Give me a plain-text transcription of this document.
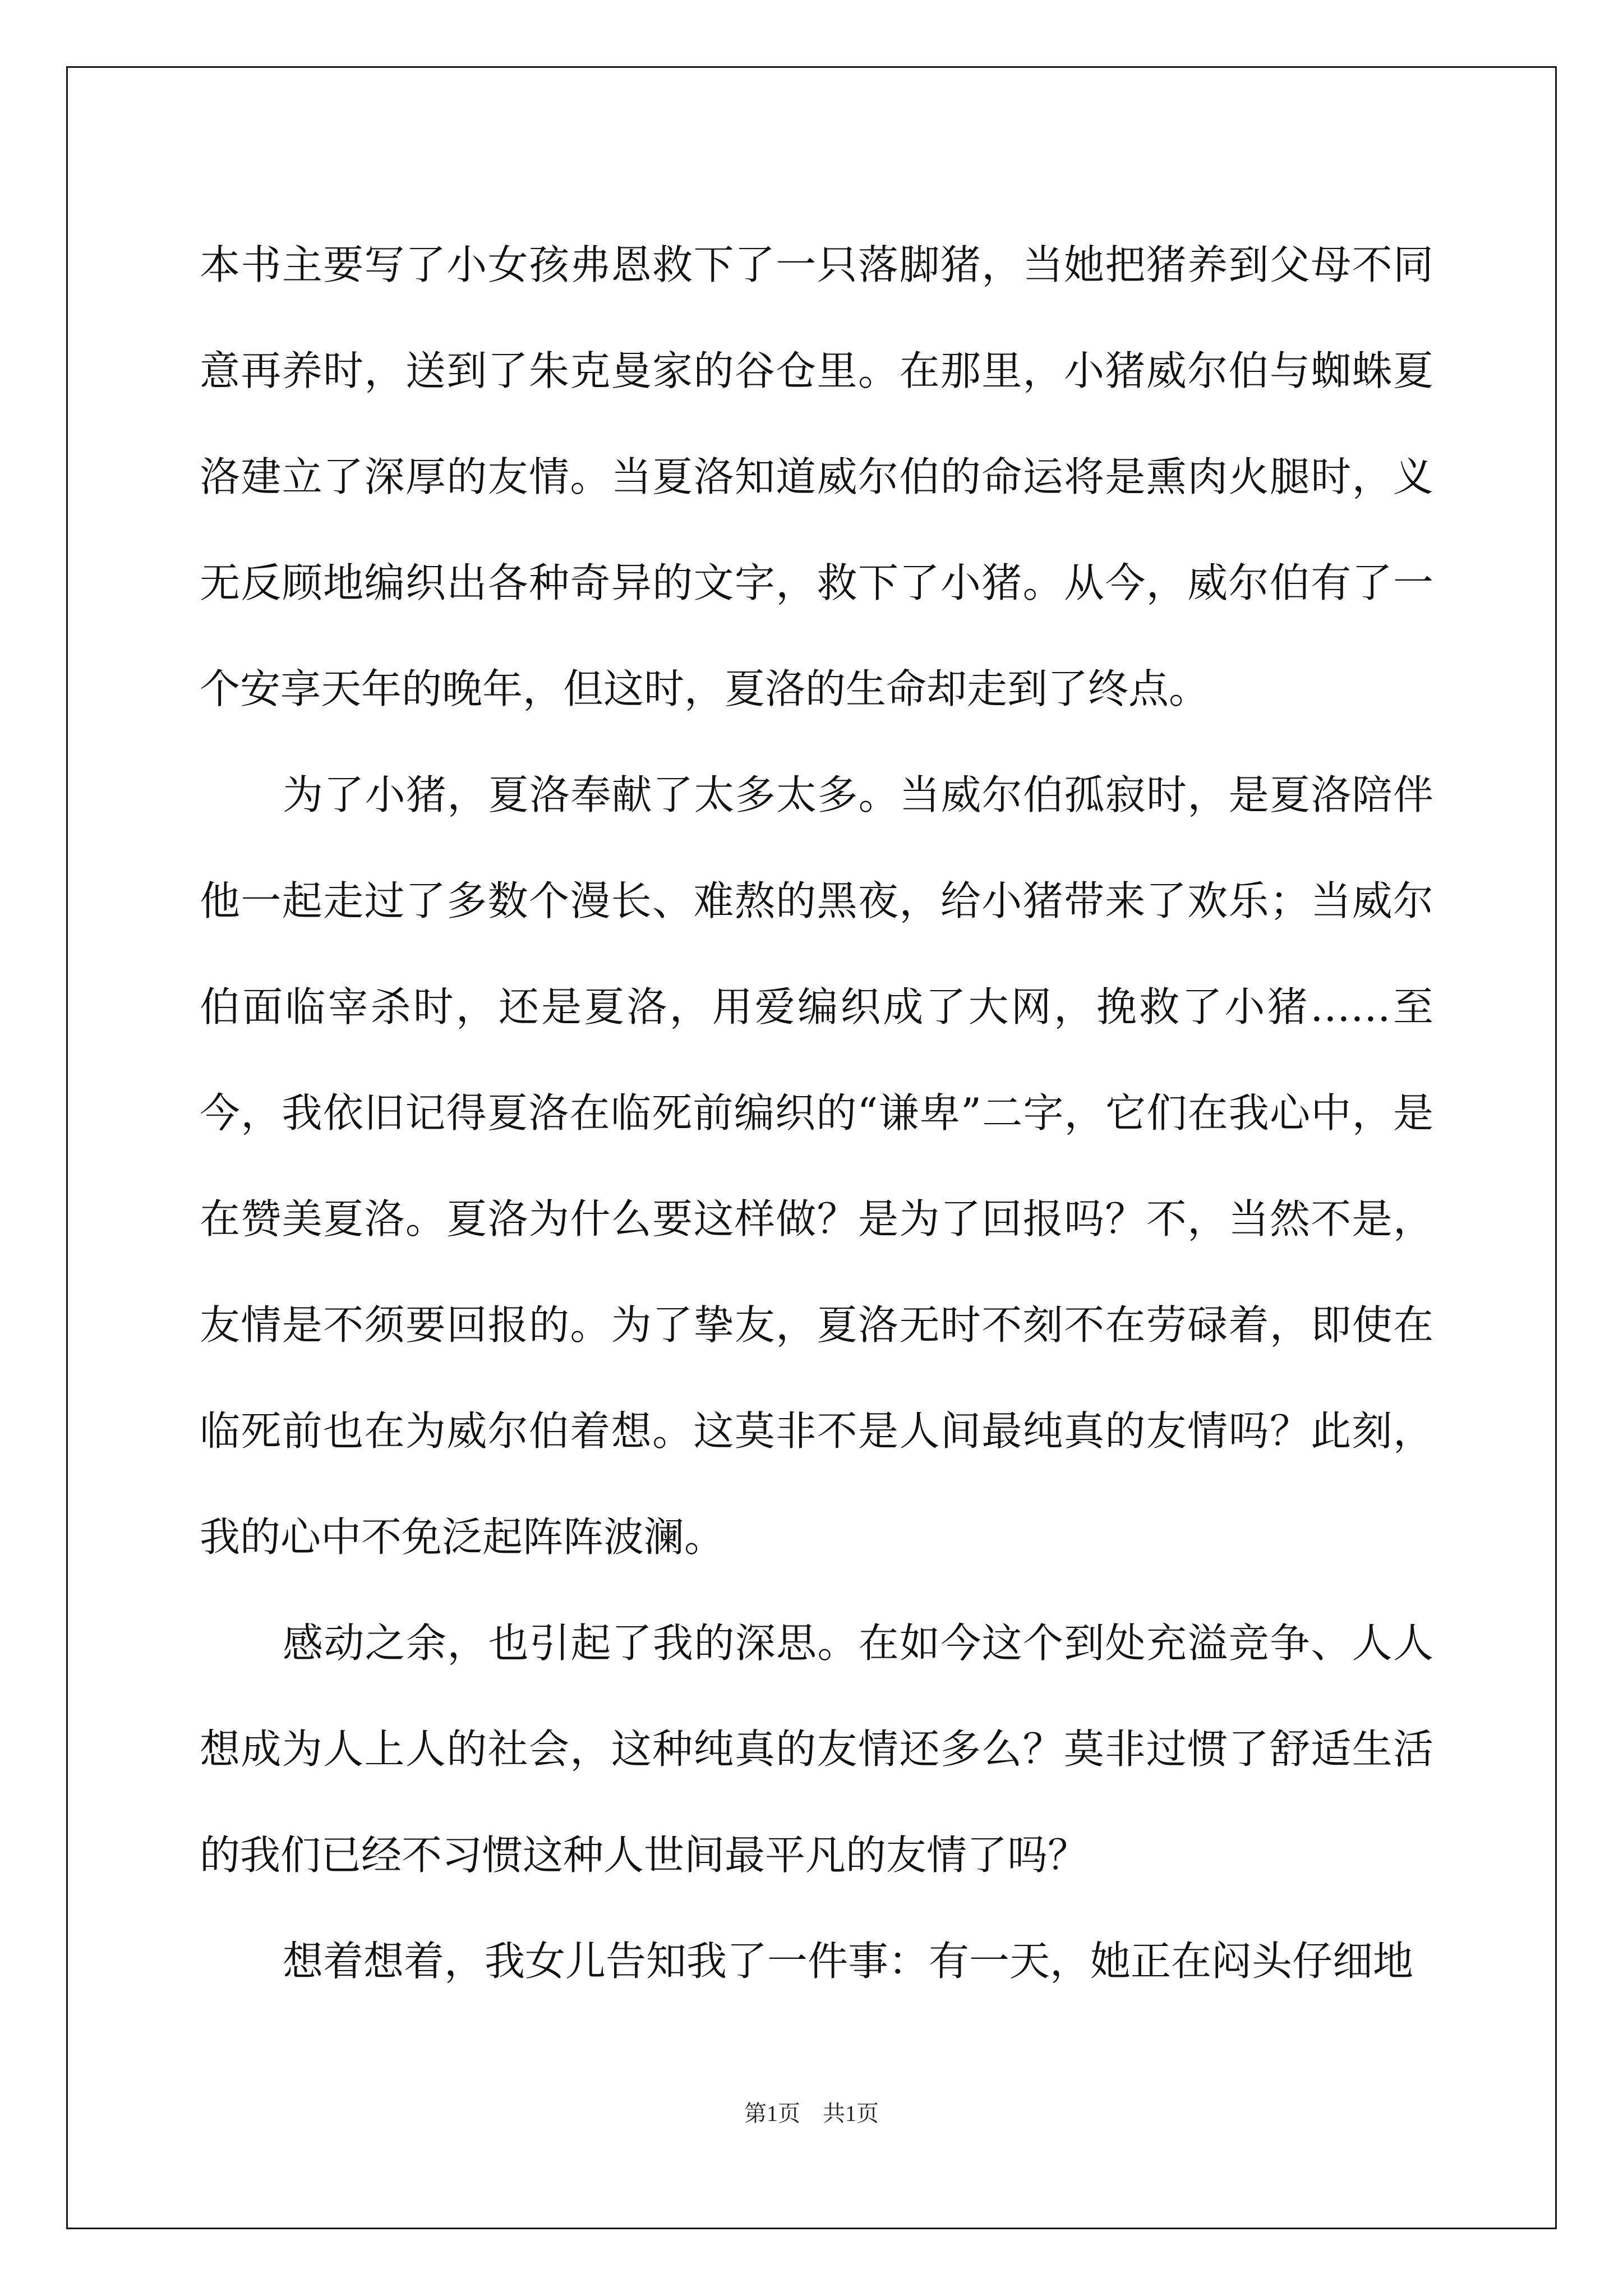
本书主要写了小女孩弗恩救下了一只落脚猪，当她把猪养到父母不同意再养时，送到了朱克曼家的谷仓里。在那里，小猪威尔伯与蜘蛛夏洛建立了深厚的友情。当夏洛知道威尔伯的命运将是熏肉火腿时，义无反顾地编织出各种奇异的文字，救下了小猪。从今，威尔伯有了一个安享天年的晚年，但这时，夏洛的生命却走到了终点。

为了小猪，夏洛奉献了太多太多。当威尔伯孤寂时，是夏洛陪伴他一起走过了多数个漫长、难熬的黑夜，给小猪带来了欢乐；当威尔伯面临宰杀时，还是夏洛，用爱编织成了大网，挽救了小猪……至今，我依旧记得夏洛在临死前编织的“谦卑”二字，它们在我心中，是在赞美夏洛。夏洛为什么要这样做？是为了回报吗？不，当然不是，友情是不须要回报的。为了挚友，夏洛无时不刻不在劳碌着，即使在临死前也在为威尔伯着想。这莫非不是人间最纯真的友情吗？此刻，我的心中不免泛起阵阵波澜。

感动之余，也引起了我的深思。在如今这个到处充溢竞争、人人想成为人上人的社会，这种纯真的友情还多么？莫非过惯了舒适生活的我们已经不习惯这种人世间最平凡的友情了吗？

想着想着，我女儿告知我了一件事：有一天，她正在闷头仔细地

第1页 共1页
